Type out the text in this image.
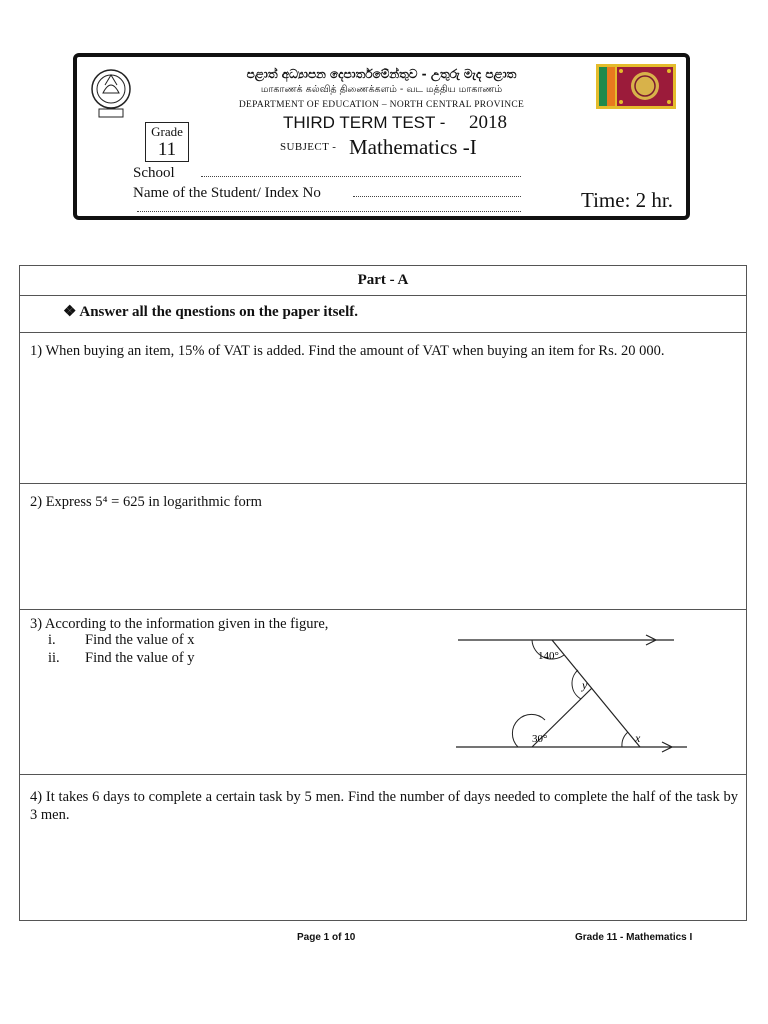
පළාත් අධ්‍යාපන දෙපාර්තමේන්තුව - උතුරු මැද පළාත
மாகாணக் கல்வித் திணைக்களம் - வட மத்திய மாகாணம்
DEPARTMENT OF EDUCATION – NORTH CENTRAL PROVINCE
Grade
11
THIRD TERM TEST - 2018
SUBJECT - Mathematics -I
School
Name of the Student/ Index No	Time: 2 hr.
Part - A
❖ Answer all the qnestions on the paper itself.
1) When buying an item, 15% of VAT is added. Find the amount of VAT when buying an item for Rs. 20 000.
2) Express 5⁴ = 625 in logarithmic form
3) According to the information given in the figure,
i. Find the value of x
ii. Find the value of y	140°
y
30°	x
4) It takes 6 days to complete a certain task by 5 men. Find the number of days needed to complete the half of the task by 3 men.
Page 1 of 10	Grade 11 - Mathematics I
